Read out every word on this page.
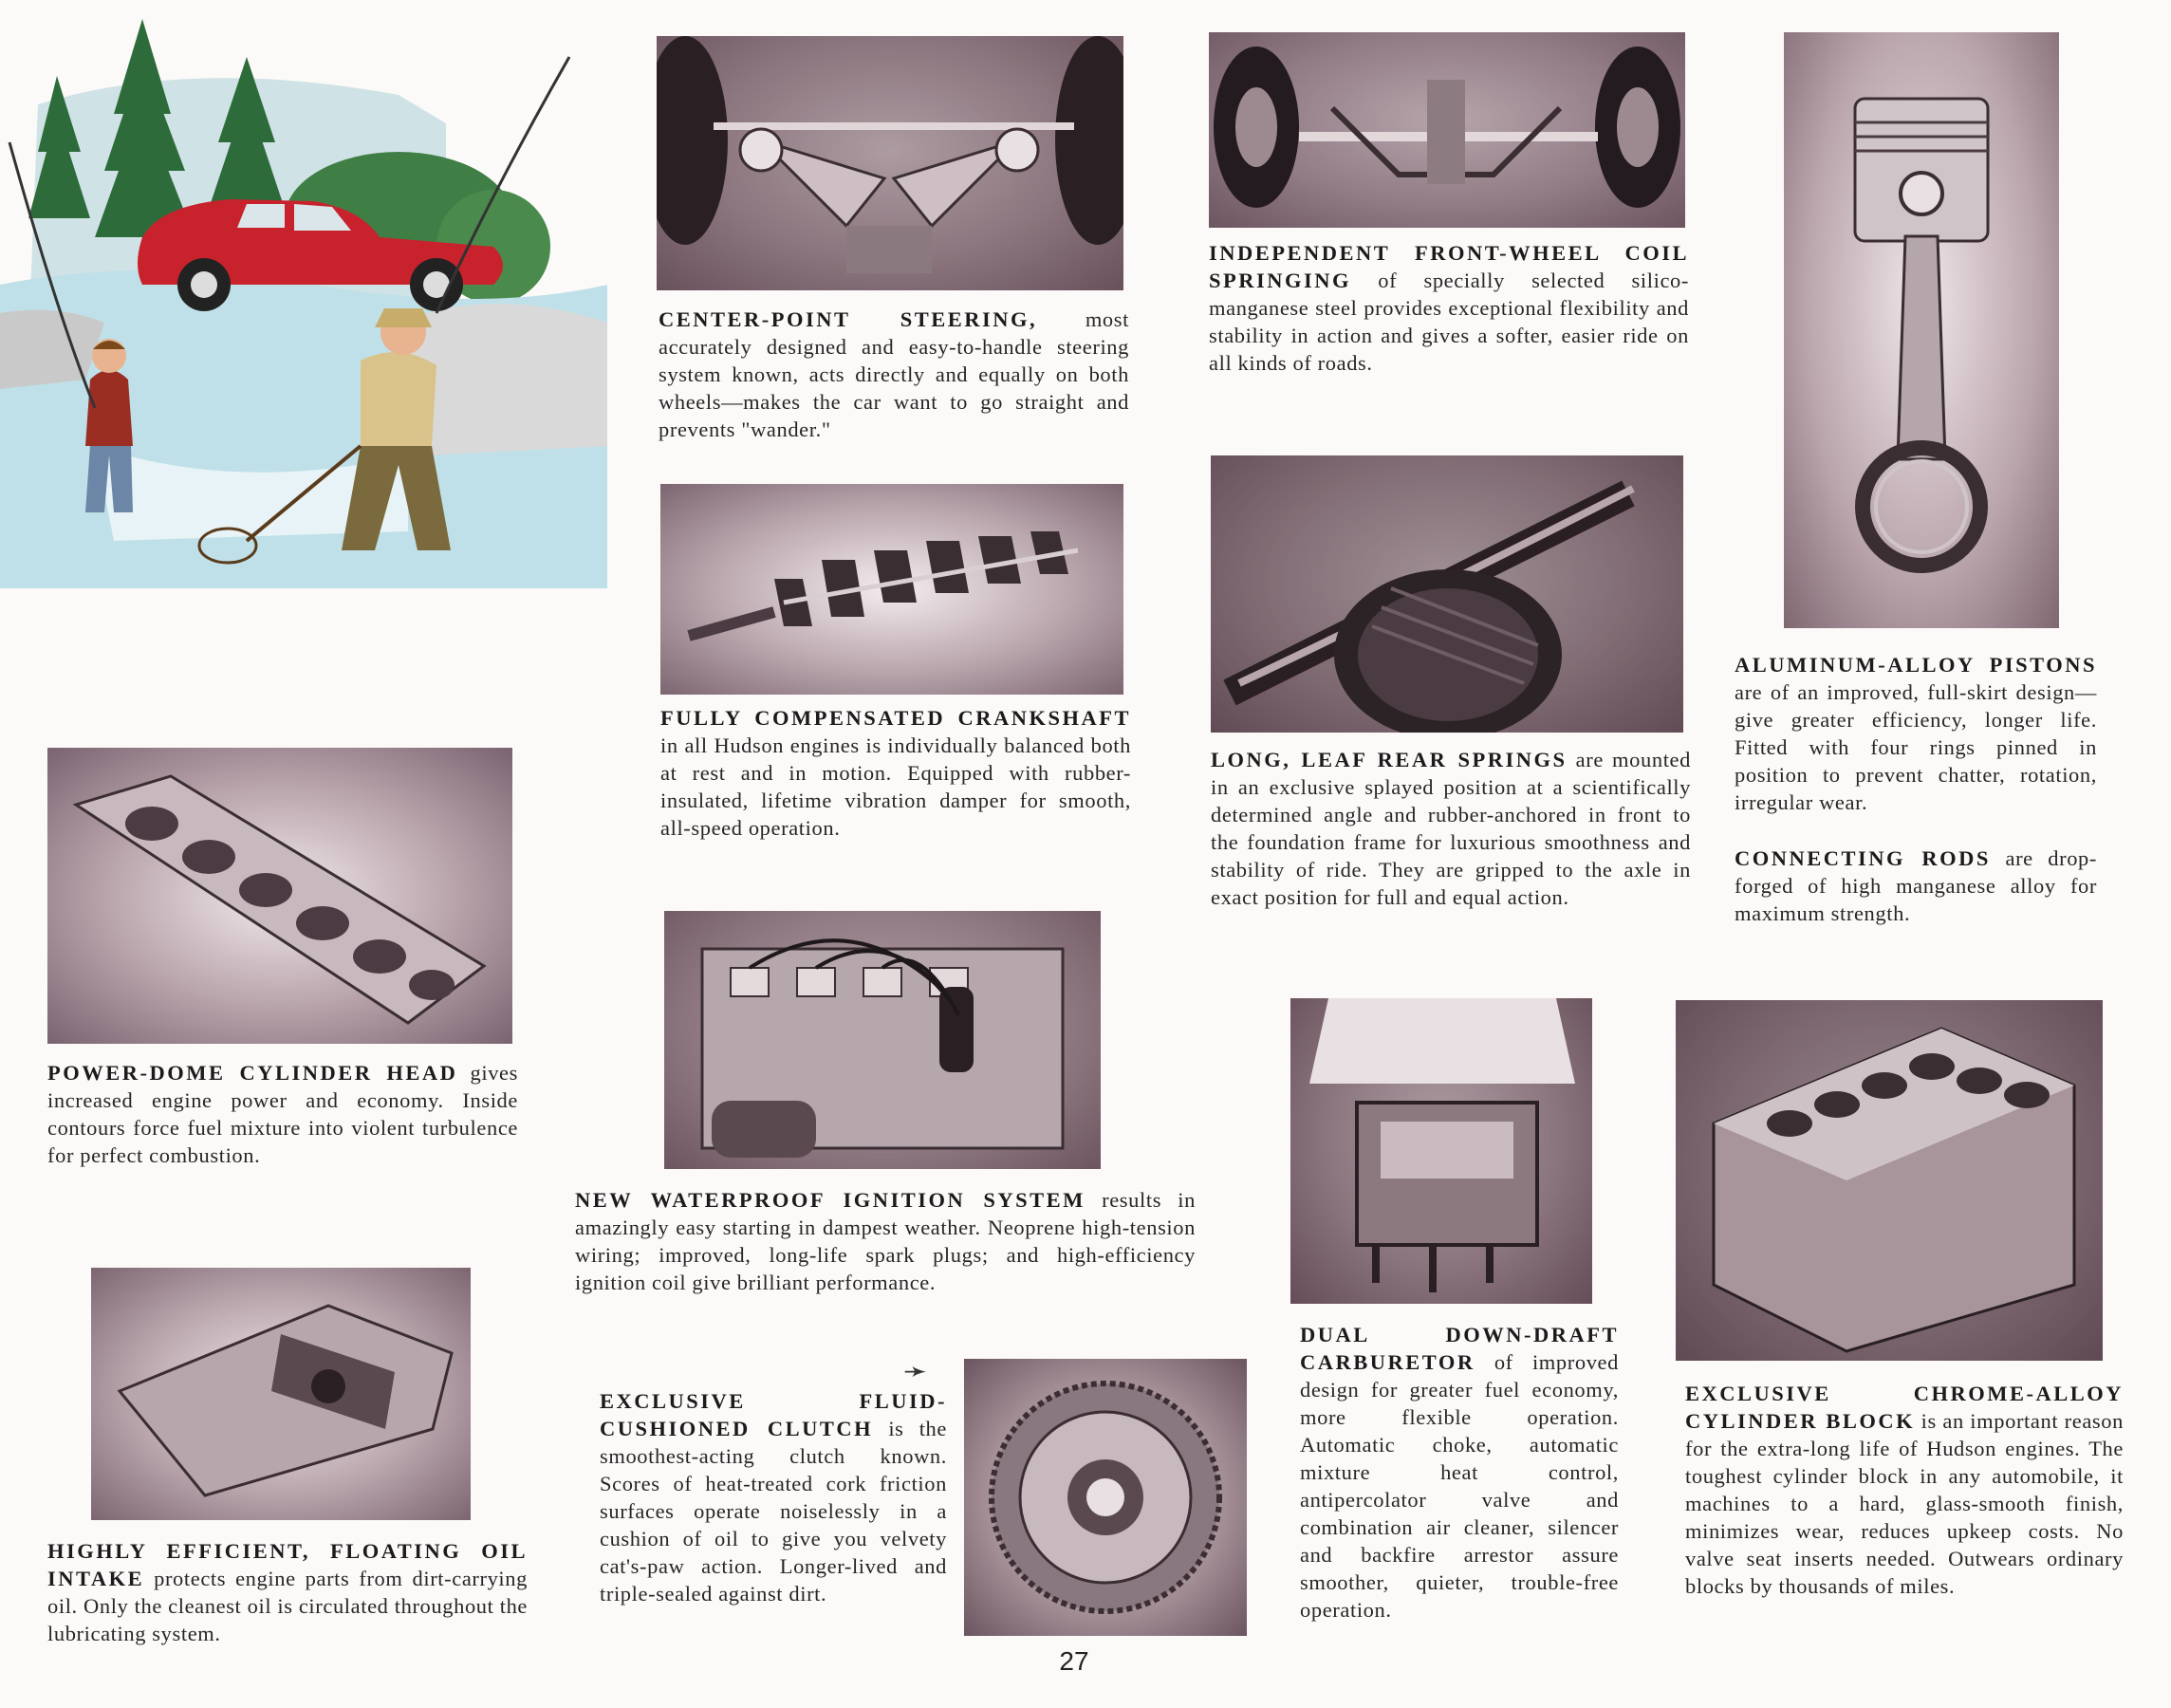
CENTER-POINT STEERING, most accurately designed and easy-to-handle steering system known, acts directly and equally on both wheels—makes the car want to go straight and prevents "wander."
INDEPENDENT FRONT-WHEEL COIL SPRINGING of specially selected silico-manganese steel provides exceptional flexibility and stability in action and gives a softer, easier ride on all kinds of roads.
FULLY COMPENSATED CRANKSHAFT in all Hudson engines is individually balanced both at rest and in motion. Equipped with rubber-insulated, lifetime vibration damper for smooth, all-speed operation.
LONG, LEAF REAR SPRINGS are mounted in an exclusive splayed position at a scientifically determined angle and rubber-anchored in front to the foundation frame for luxurious smoothness and stability of ride. They are gripped to the axle in exact position for full and equal action.
ALUMINUM-ALLOY PISTONS are of an improved, full-skirt design—give greater efficiency, longer life. Fitted with four rings pinned in position to prevent chatter, rotation, irregular wear.
CONNECTING RODS are drop-forged of high manganese alloy for maximum strength.
POWER-DOME CYLINDER HEAD gives increased engine power and economy. Inside contours force fuel mixture into violent turbulence for perfect combustion.
NEW WATERPROOF IGNITION SYSTEM results in amazingly easy starting in dampest weather. Neoprene high-tension wiring; improved, long-life spark plugs; and high-efficiency ignition coil give brilliant performance.
DUAL DOWN-DRAFT CARBURETOR of improved design for greater fuel economy, more flexible operation. Automatic choke, automatic mixture heat control, antipercolator valve and combination air cleaner, silencer and backfire arrestor assure smoother, quieter, trouble-free operation.
HIGHLY EFFICIENT, FLOATING OIL INTAKE protects engine parts from dirt-carrying oil. Only the cleanest oil is circulated throughout the lubricating system.
EXCLUSIVE FLUID-CUSHIONED CLUTCH is the smoothest-acting clutch known. Scores of heat-treated cork friction surfaces operate noiselessly in a cushion of oil to give you velvety cat's-paw action. Longer-lived and triple-sealed against dirt.
EXCLUSIVE CHROME-ALLOY CYLINDER BLOCK is an important reason for the extra-long life of Hudson engines. The toughest cylinder block in any automobile, it machines to a hard, glass-smooth finish, minimizes wear, reduces upkeep costs. No valve seat inserts needed. Outwears ordinary blocks by thousands of miles.
➛
27
